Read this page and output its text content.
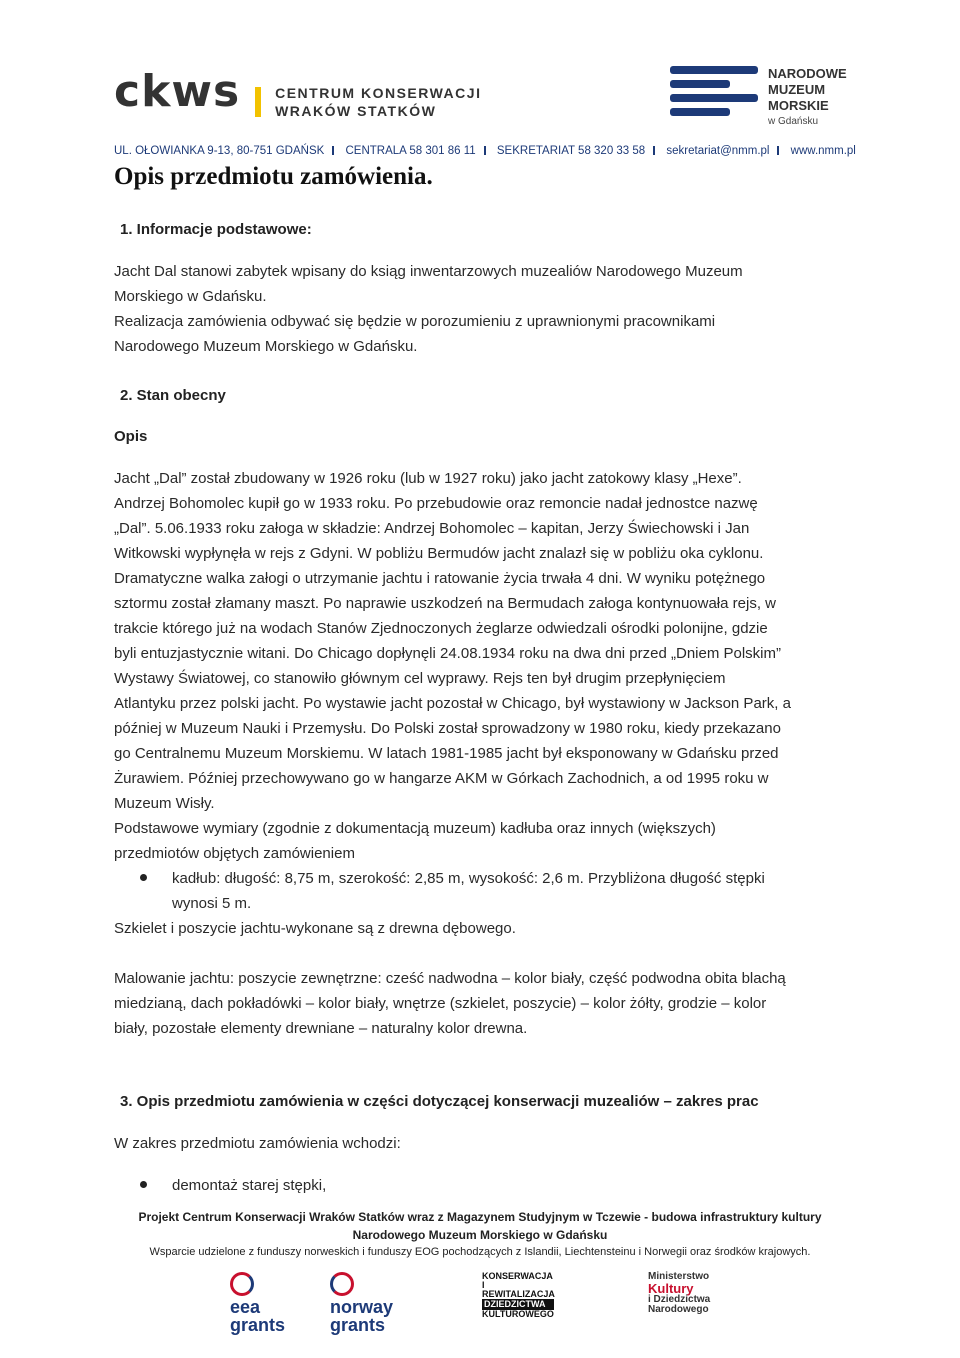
ckws CENTRUM KONSERWACJI
WRAKÓW STATKÓW
NARODOWE
MUZEUM
MORSKIE
w Gdańsku
UL. OŁOWIANKA 9-13, 80-751 GDAŃSK CENTRALA 58 301 86 11 SEKRETARIAT 58 320 33 58 sekretariat@nmm.pl www.nmm.pl
Opis przedmiotu zamówienia.
1. Informacje podstawowe:
Jacht Dal stanowi zabytek wpisany do ksiąg inwentarzowych muzealiów Narodowego Muzeum
Morskiego w Gdańsku.
Realizacja zamówienia odbywać się będzie w porozumieniu z uprawnionymi pracownikami
Narodowego Muzeum Morskiego w Gdańsku.
2. Stan obecny
Opis
Jacht „Dal” został zbudowany w 1926 roku (lub w 1927 roku) jako jacht zatokowy klasy „Hexe”.
Andrzej Bohomolec kupił go w 1933 roku. Po przebudowie oraz remoncie nadał jednostce nazwę
„Dal”. 5.06.1933 roku załoga w składzie: Andrzej Bohomolec – kapitan, Jerzy Świechowski i Jan
Witkowski wypłynęła w rejs z Gdyni. W pobliżu Bermudów jacht znalazł się w pobliżu oka cyklonu.
Dramatyczne walka załogi o utrzymanie jachtu i ratowanie życia trwała 4 dni. W wyniku potężnego
sztormu został złamany maszt. Po naprawie uszkodzeń na Bermudach załoga kontynuowała rejs, w
trakcie którego już na wodach Stanów Zjednoczonych żeglarze odwiedzali ośrodki polonijne, gdzie
byli entuzjastycznie witani. Do Chicago dopłynęli 24.08.1934 roku na dwa dni przed „Dniem Polskim”
Wystawy Światowej, co stanowiło głównym cel wyprawy. Rejs ten był drugim przepłynięciem
Atlantyku przez polski jacht. Po wystawie jacht pozostał w Chicago, był wystawiony w Jackson Park, a
później w Muzeum Nauki i Przemysłu. Do Polski został sprowadzony w 1980 roku, kiedy przekazano
go Centralnemu Muzeum Morskiemu. W latach 1981-1985 jacht był eksponowany w Gdańsku przed
Żurawiem. Później przechowywano go w hangarze AKM w Górkach Zachodnich, a od 1995 roku w
Muzeum Wisły.
Podstawowe wymiary (zgodnie z dokumentacją muzeum) kadłuba oraz innych (większych)
przedmiotów objętych zamówieniem
kadłub: długość: 8,75 m, szerokość: 2,85 m, wysokość: 2,6 m. Przybliżona długość stępki
wynosi 5 m.
Szkielet i poszycie jachtu-wykonane są z drewna dębowego.
Malowanie jachtu: poszycie zewnętrzne: cześć nadwodna – kolor biały, część podwodna obita blachą
miedzianą, dach pokładówki – kolor biały, wnętrze (szkielet, poszycie) – kolor żółty, grodzie – kolor
biały, pozostałe elementy drewniane – naturalny kolor drewna.
3. Opis przedmiotu zamówienia w części dotyczącej konserwacji muzealiów – zakres prac
W zakres przedmiotu zamówienia wchodzi:
demontaż starej stępki,
Projekt Centrum Konserwacji Wraków Statków wraz z Magazynem Studyjnym w Tczewie - budowa infrastruktury kultury
Narodowego Muzeum Morskiego w Gdańsku
Wsparcie udzielone z funduszy norweskich i funduszy EOG pochodzących z Islandii, Liechtensteinu i Norwegii oraz środków krajowych.
eea grants
norway grants
KONSERWACJA
I REWITALIZACJA
DZIEDZICTWA
KULTUROWEGO
Ministerstwo
Kultury
i Dziedzictwa
Narodowego
